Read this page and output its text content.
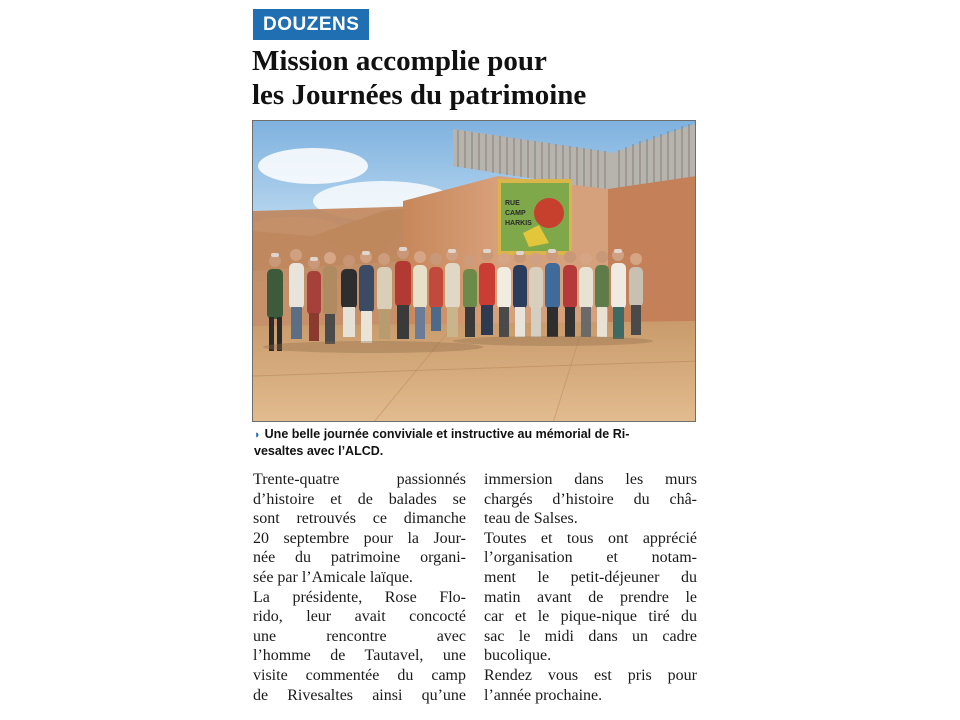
DOUZENS
Mission accomplie pour
les Journées du patrimoine
RUE
CAMP
HARKIS
◗ Une belle journée conviviale et instructive au mémorial de Ri-
vesaltes avec l’ALCD.
Trente-quatre passionnés
d’histoire et de balades se
sont retrouvés ce dimanche
20 septembre pour la Jour-
née du patrimoine organi-
sée par l’Amicale laïque.
La présidente, Rose Flo-
rido, leur avait concocté
une rencontre avec
l’homme de Tautavel, une
visite commentée du camp
de Rivesaltes ainsi qu’une
immersion dans les murs
chargés d’histoire du châ-
teau de Salses.
Toutes et tous ont apprécié
l’organisation et notam-
ment le petit-déjeuner du
matin avant de prendre le
car et le pique-nique tiré du
sac le midi dans un cadre
bucolique.
Rendez vous est pris pour
l’année prochaine.
